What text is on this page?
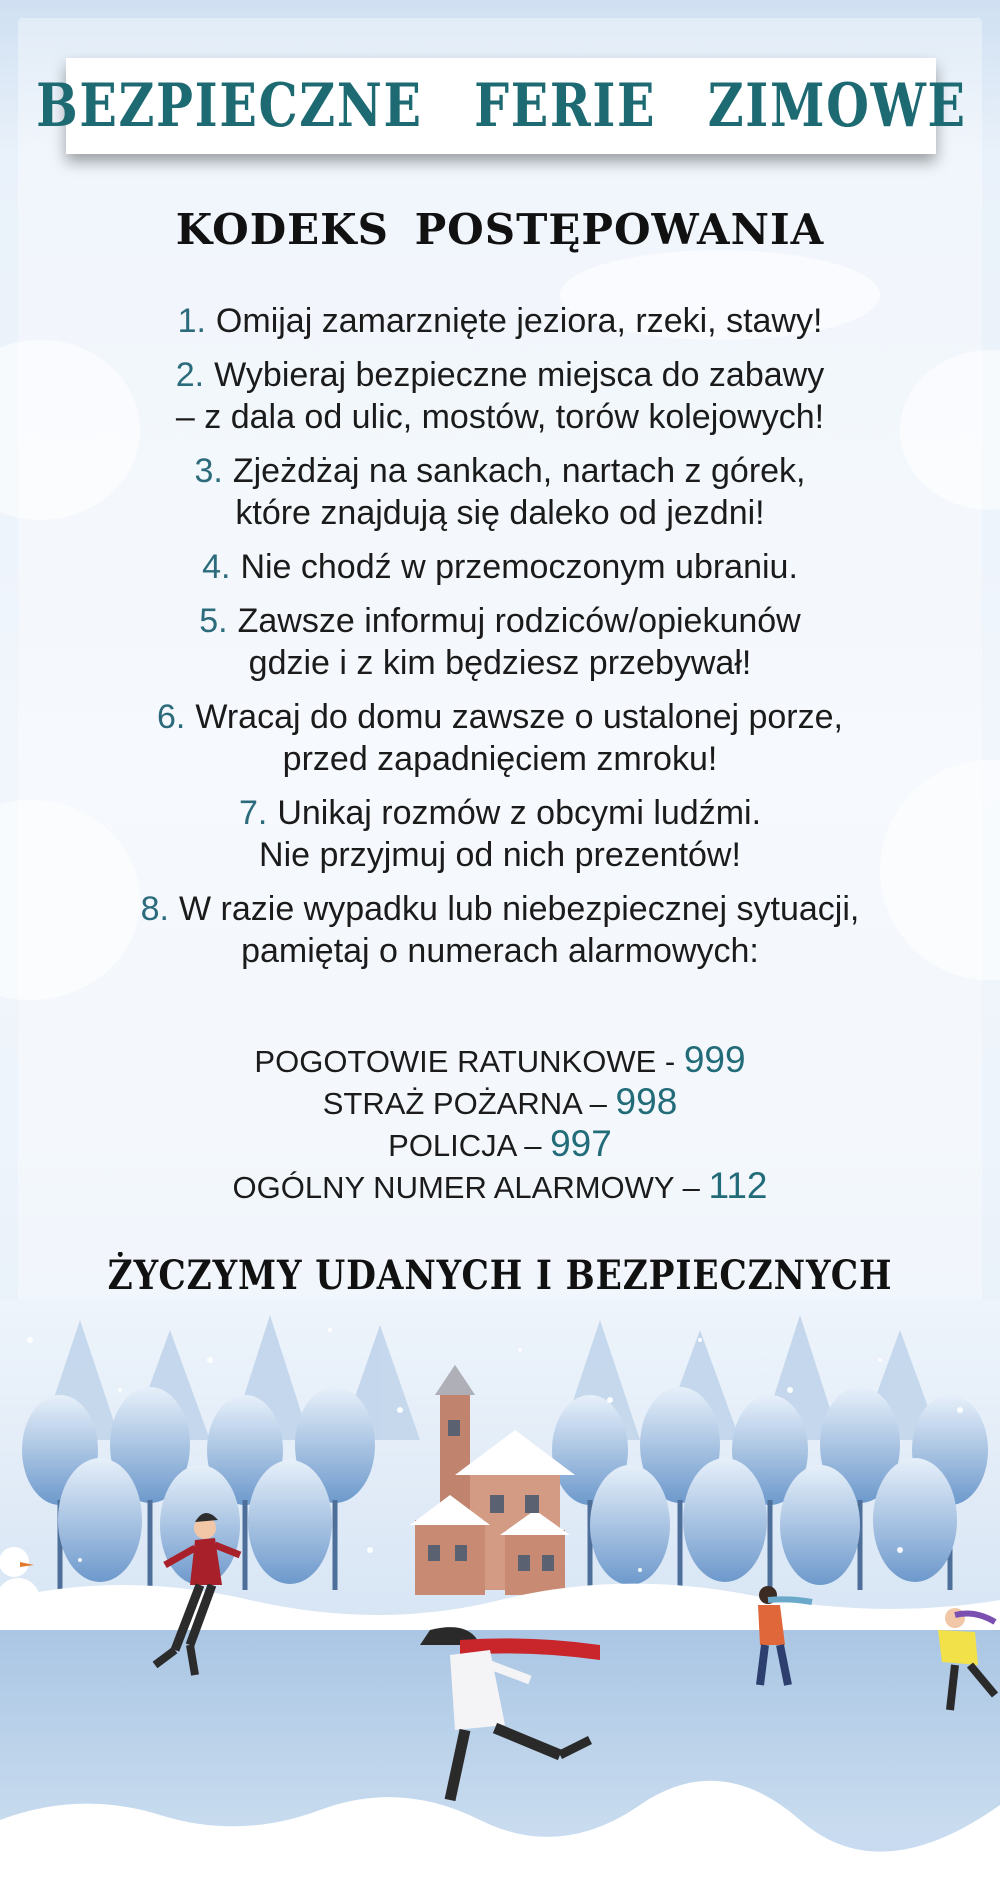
BEZPIECZNE FERIE ZIMOWE
KODEKS POSTĘPOWANIA
1. Omijaj zamarznięte jeziora, rzeki, stawy!
2. Wybieraj bezpieczne miejsca do zabawy
– z dala od ulic, mostów, torów kolejowych!
3. Zjeżdżaj na sankach, nartach z górek,
które znajdują się daleko od jezdni!
4. Nie chodź w przemoczonym ubraniu.
5. Zawsze informuj rodziców/opiekunów
gdzie i z kim będziesz przebywał!
6. Wracaj do domu zawsze o ustalonej porze,
przed zapadnięciem zmroku!
7. Unikaj rozmów z obcymi ludźmi.
Nie przyjmuj od nich prezentów!
8. W razie wypadku lub niebezpiecznej sytuacji,
pamiętaj o numerach alarmowych:
POGOTOWIE RATUNKOWE - 999
STRAŻ POŻARNA – 998
POLICJA – 997
OGÓLNY NUMER ALARMOWY – 112
ŻYCZYMY UDANYCH I BEZPIECZNYCH
